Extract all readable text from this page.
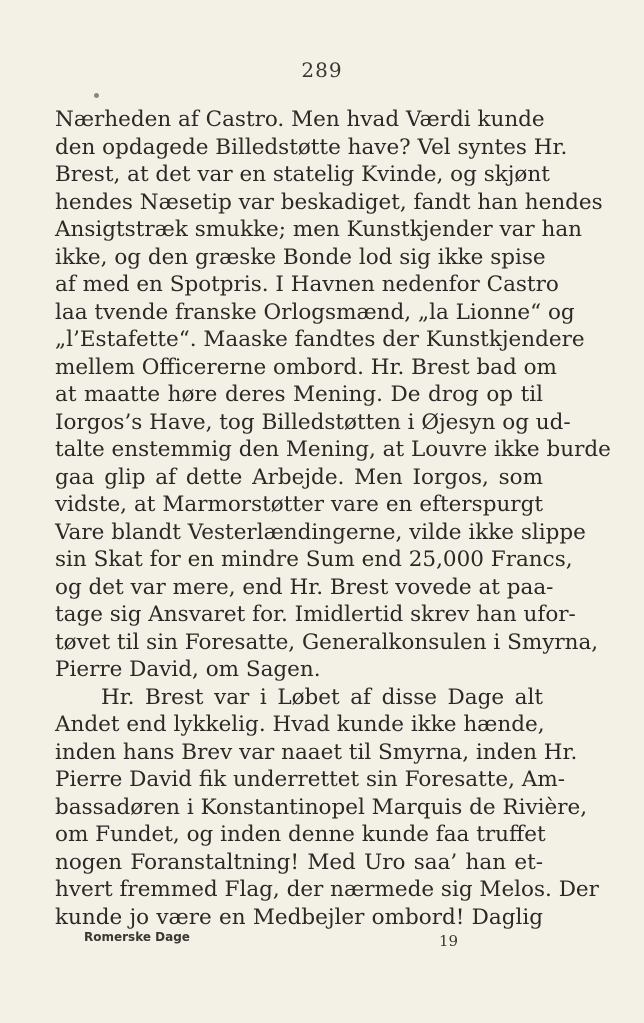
289
Nærheden af Castro. Men hvad Værdi kunde
den opdagede Billedstøtte have? Vel syntes Hr.
Brest, at det var en statelig Kvinde, og skjønt
hendes Næsetip var beskadiget, fandt han hendes
Ansigtstræk smukke; men Kunstkjender var han
ikke, og den græske Bonde lod sig ikke spise
af med en Spotpris. I Havnen nedenfor Castro
laa tvende franske Orlogsmænd, „la Lionne“ og
„l’Estafette“. Maaske fandtes der Kunstkjendere
mellem Officererne ombord. Hr. Brest bad om
at maatte høre deres Mening. De drog op til
Iorgos’s Have, tog Billedstøtten i Øjesyn og ud-
talte enstemmig den Mening, at Louvre ikke burde
gaa glip af dette Arbejde. Men Iorgos, som
vidste, at Marmorstøtter vare en efterspurgt
Vare blandt Vesterlændingerne, vilde ikke slippe
sin Skat for en mindre Sum end 25,000 Francs,
og det var mere, end Hr. Brest vovede at paa-
tage sig Ansvaret for. Imidlertid skrev han ufor-
tøvet til sin Foresatte, Generalkonsulen i Smyrna,
Pierre David, om Sagen.
Hr. Brest var i Løbet af disse Dage alt
Andet end lykkelig. Hvad kunde ikke hænde,
inden hans Brev var naaet til Smyrna, inden Hr.
Pierre David fik underrettet sin Foresatte, Am-
bassadøren i Konstantinopel Marquis de Rivière,
om Fundet, og inden denne kunde faa truffet
nogen Foranstaltning! Med Uro saa’ han et-
hvert fremmed Flag, der nærmede sig Melos. Der
kunde jo være en Medbejler ombord! Daglig
Romerske Dage	19
